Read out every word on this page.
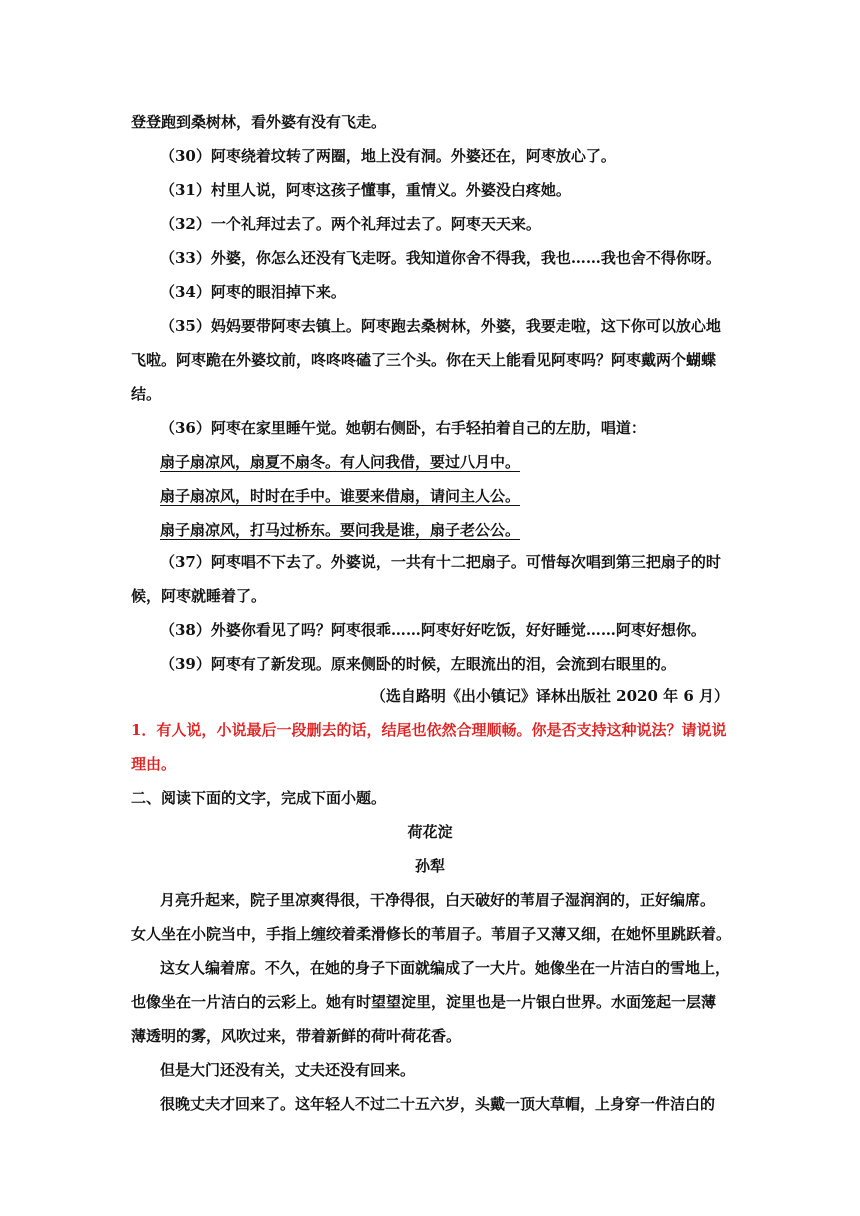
登登跑到桑树林，看外婆有没有飞走。
（30）阿枣绕着坟转了两圈，地上没有洞。外婆还在，阿枣放心了。
（31）村里人说，阿枣这孩子懂事，重情义。外婆没白疼她。
（32）一个礼拜过去了。两个礼拜过去了。阿枣天天来。
（33）外婆，你怎么还没有飞走呀。我知道你舍不得我，我也……我也舍不得你呀。
（34）阿枣的眼泪掉下来。
（35）妈妈要带阿枣去镇上。阿枣跑去桑树林，外婆，我要走啦，这下你可以放心地
飞啦。阿枣跪在外婆坟前，咚咚咚磕了三个头。你在天上能看见阿枣吗？阿枣戴两个蝴蝶
结。
（36）阿枣在家里睡午觉。她朝右侧卧，右手轻拍着自己的左肋，唱道：
扇子扇凉风，扇夏不扇冬。有人问我借，要过八月中。
扇子扇凉风，时时在手中。谁要来借扇，请问主人公。
扇子扇凉风，打马过桥东。要问我是谁，扇子老公公。
（37）阿枣唱不下去了。外婆说，一共有十二把扇子。可惜每次唱到第三把扇子的时
候，阿枣就睡着了。
（38）外婆你看见了吗？阿枣很乖……阿枣好好吃饭，好好睡觉……阿枣好想你。
（39）阿枣有了新发现。原来侧卧的时候，左眼流出的泪，会流到右眼里的。
（选自路明《出小镇记》译林出版社 2020 年 6 月）
1．有人说，小说最后一段删去的话，结尾也依然合理顺畅。你是否支持这种说法？请说说
理由。
二、阅读下面的文字，完成下面小题。
荷花淀
孙犁
月亮升起来，院子里凉爽得很，干净得很，白天破好的苇眉子湿润润的，正好编席。
女人坐在小院当中，手指上缠绞着柔滑修长的苇眉子。苇眉子又薄又细，在她怀里跳跃着。
这女人编着席。不久，在她的身子下面就编成了一大片。她像坐在一片洁白的雪地上，
也像坐在一片洁白的云彩上。她有时望望淀里，淀里也是一片银白世界。水面笼起一层薄
薄透明的雾，风吹过来，带着新鲜的荷叶荷花香。
但是大门还没有关，丈夫还没有回来。
很晚丈夫才回来了。这年轻人不过二十五六岁，头戴一顶大草帽，上身穿一件洁白的
